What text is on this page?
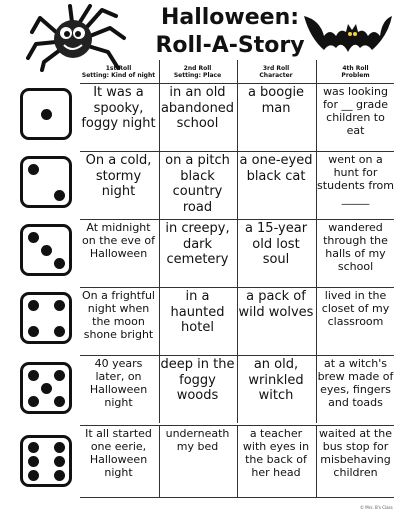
Halloween:
Roll-A-Story
1st Roll
Setting: Kind of night
2nd Roll
Setting: Place
3rd Roll
Character
4th Roll
Problem
It was a spooky, foggy night
in an old abandoned school
a boogie man
was looking for __ grade children to eat
On a cold, stormy night
on a pitch black country road
a one-eyed black cat
went on a hunt for students from _____
At midnight on the eve of Halloween
in creepy, dark cemetery
a 15-year old lost soul
wandered through the halls of my school
On a frightful night when the moon shone bright
in a haunted hotel
a pack of wild wolves
lived in the closet of my classroom
40 years later, on Halloween night
deep in the foggy woods
an old, wrinkled witch
at a witch's brew made of eyes, fingers and toads
It all started one eerie, Halloween night
underneath my bed
a teacher with eyes in the back of her head
waited at the bus stop for misbehaving children
© Mrs. B's Class
